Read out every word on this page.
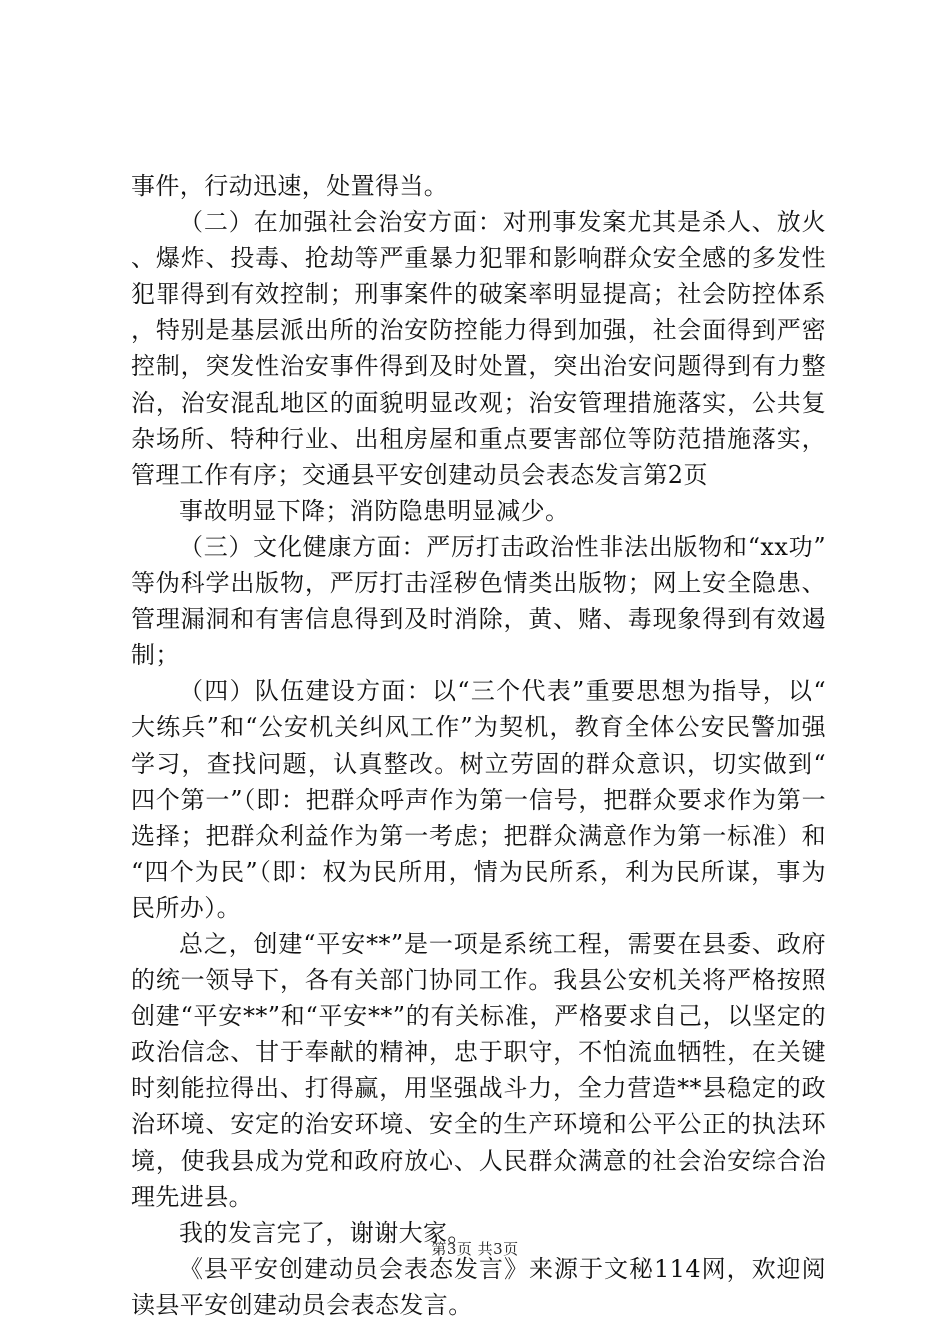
事件，行动迅速，处置得当。

（二）在加强社会治安方面：对刑事发案尤其是杀人、放火、爆炸、投毒、抢劫等严重暴力犯罪和影响群众安全感的多发性犯罪得到有效控制；刑事案件的破案率明显提高；社会防控体系，特别是基层派出所的治安防控能力得到加强，社会面得到严密控制，突发性治安事件得到及时处置，突出治安问题得到有力整治，治安混乱地区的面貌明显改观；治安管理措施落实，公共复杂场所、特种行业、出租房屋和重点要害部位等防范措施落实，管理工作有序；交通县平安创建动员会表态发言第2页

事故明显下降；消防隐患明显减少。

（三）文化健康方面：严厉打击政治性非法出版物和“xx功”等伪科学出版物，严厉打击淫秽色情类出版物；网上安全隐患、管理漏洞和有害信息得到及时消除，黄、赌、毒现象得到有效遏制；

（四）队伍建设方面：以“三个代表”重要思想为指导，以“大练兵”和“公安机关纠风工作”为契机，教育全体公安民警加强学习，查找问题，认真整改。树立劳固的群众意识，切实做到“四个第一”（即：把群众呼声作为第一信号，把群众要求作为第一选择；把群众利益作为第一考虑；把群众满意作为第一标准）和“四个为民”（即：权为民所用，情为民所系，利为民所谋，事为民所办）。

总之，创建“平安**”是一项是系统工程，需要在县委、政府的统一领导下，各有关部门协同工作。我县公安机关将严格按照创建“平安**”和“平安**”的有关标准，严格要求自己，以坚定的政治信念、甘于奉献的精神，忠于职守，不怕流血牺牲，在关键时刻能拉得出、打得赢，用坚强战斗力，全力营造**县稳定的政治环境、安定的治安环境、安全的生产环境和公平公正的执法环境，使我县成为党和政府放心、人民群众满意的社会治安综合治理先进县。

我的发言完了，谢谢大家。

《县平安创建动员会表态发言》来源于文秘114网，欢迎阅读县平安创建动员会表态发言。

第3页 共3页
